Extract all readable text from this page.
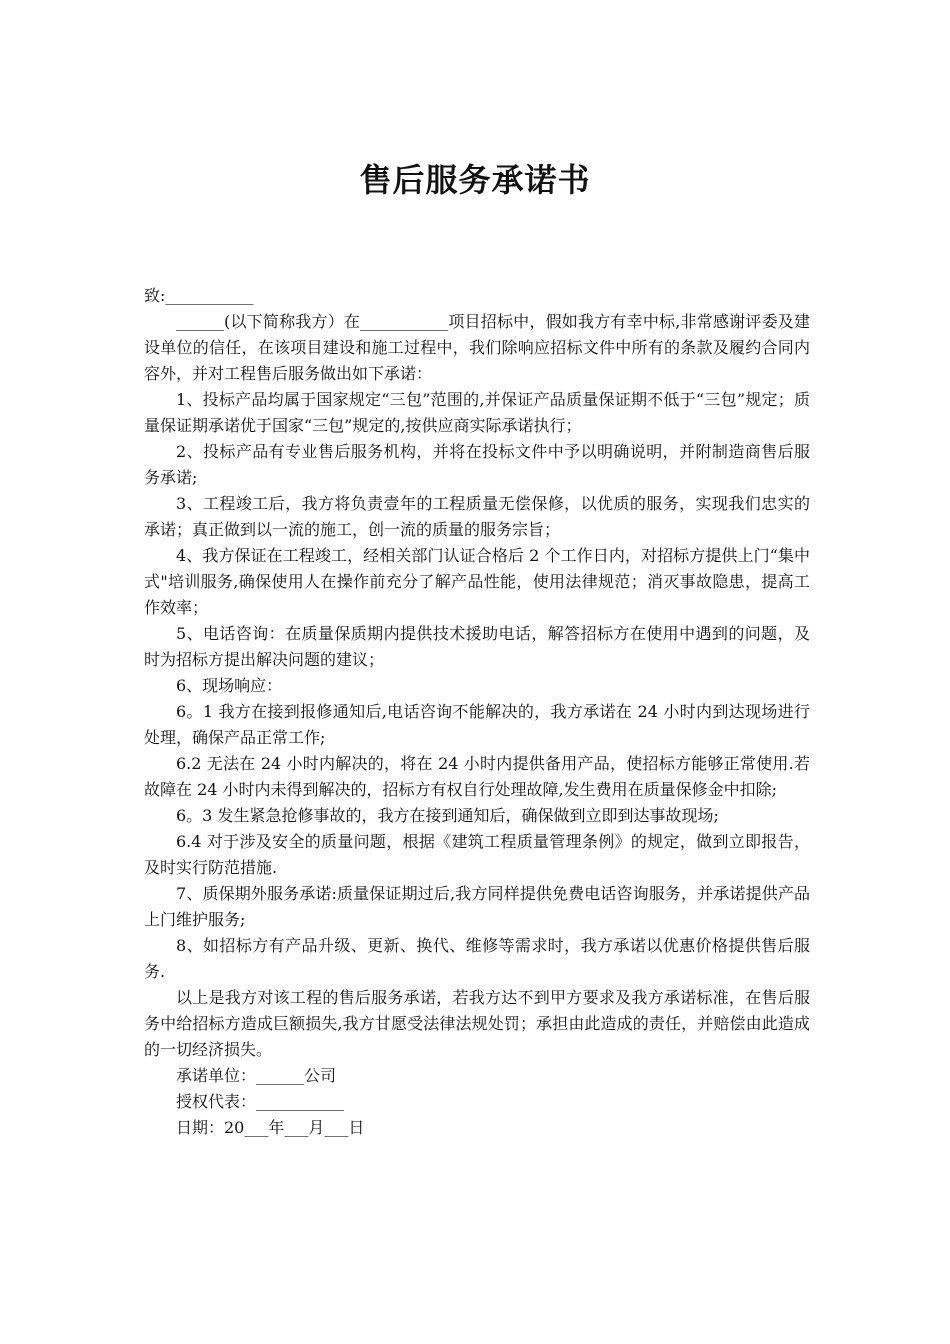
售后服务承诺书

致:___________

______(以下简称我方）在___________项目招标中，假如我方有幸中标,非常感谢评委及建设单位的信任，在该项目建设和施工过程中，我们除响应招标文件中所有的条款及履约合同内容外，并对工程售后服务做出如下承诺：

1、投标产品均属于国家规定“三包”范围的,并保证产品质量保证期不低于“三包”规定；质量保证期承诺优于国家“三包”规定的,按供应商实际承诺执行；

2、投标产品有专业售后服务机构，并将在投标文件中予以明确说明，并附制造商售后服务承诺;

3、工程竣工后，我方将负责壹年的工程质量无偿保修，以优质的服务，实现我们忠实的承诺；真正做到以一流的施工，创一流的质量的服务宗旨；

4、我方保证在工程竣工，经相关部门认证合格后 2 个工作日内，对招标方提供上门“集中式"培训服务,确保使用人在操作前充分了解产品性能，使用法律规范；消灭事故隐患，提高工作效率；

5、电话咨询：在质量保质期内提供技术援助电话，解答招标方在使用中遇到的问题，及时为招标方提出解决问题的建议；

6、现场响应：

6。1 我方在接到报修通知后,电话咨询不能解决的，我方承诺在 24 小时内到达现场进行处理，确保产品正常工作;

6.2 无法在 24 小时内解决的，将在 24 小时内提供备用产品，使招标方能够正常使用.若故障在 24 小时内未得到解决的，招标方有权自行处理故障,发生费用在质量保修金中扣除;

6。3 发生紧急抢修事故的，我方在接到通知后，确保做到立即到达事故现场;

6.4 对于涉及安全的质量问题，根据《建筑工程质量管理条例》的规定，做到立即报告，及时实行防范措施.

7、质保期外服务承诺:质量保证期过后,我方同样提供免费电话咨询服务，并承诺提供产品上门维护服务;

8、如招标方有产品升级、更新、换代、维修等需求时，我方承诺以优惠价格提供售后服务.

以上是我方对该工程的售后服务承诺，若我方达不到甲方要求及我方承诺标准，在售后服务中给招标方造成巨额损失,我方甘愿受法律法规处罚；承担由此造成的责任，并赔偿由此造成的一切经济损失。

承诺单位：______公司

授权代表：___________

日期：20___年___月___日
